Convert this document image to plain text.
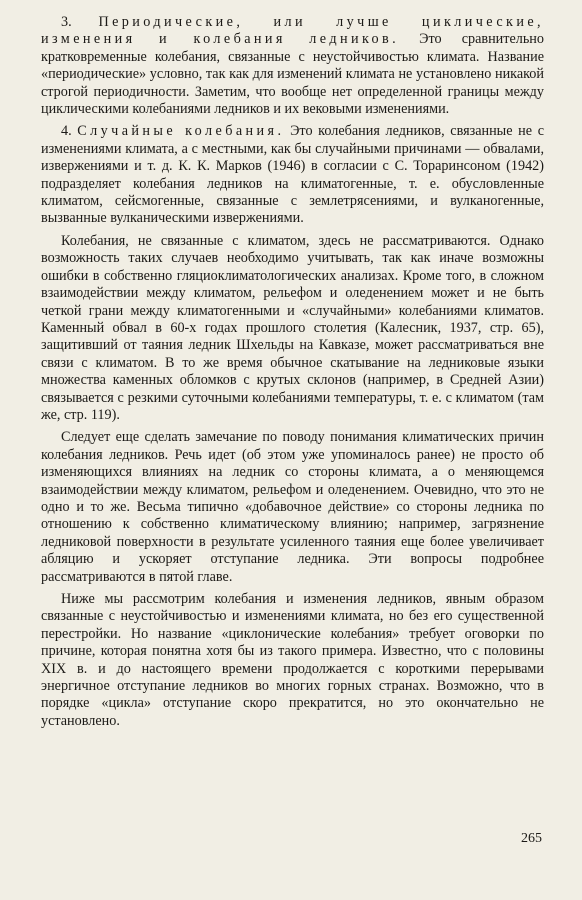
3. Периодические, или лучше циклические, изменения и колебания ледников. Это сравнительно кратковременные колебания, связанные с неустойчивостью климата. Название «периодические» условно, так как для изменений климата не установлено никакой строгой периодичности. Заметим, что вообще нет определенной границы между циклическими колебаниями ледников и их вековыми изменениями.

4. Случайные колебания. Это колебания ледников, связанные не с изменениями климата, а с местными, как бы случайными причинами — обвалами, извержениями и т. д. К. К. Марков (1946) в согласии с С. Тораринсоном (1942) подразделяет колебания ледников на климатогенные, т. е. обусловленные климатом, сейсмогенные, связанные с землетрясениями, и вулканогенные, вызванные вулканическими извержениями.

Колебания, не связанные с климатом, здесь не рассматриваются. Однако возможность таких случаев необходимо учитывать, так как иначе возможны ошибки в собственно гляциоклиматологических анализах. Кроме того, в сложном взаимодействии между климатом, рельефом и оледенением может и не быть четкой грани между климатогенными и «случайными» колебаниями климатов. Каменный обвал в 60-х годах прошлого столетия (Калесник, 1937, стр. 65), защитивший от таяния ледник Шхельды на Кавказе, может рассматриваться вне связи с климатом. В то же время обычное скатывание на ледниковые языки множества каменных обломков с крутых склонов (например, в Средней Азии) связывается с резкими суточными колебаниями температуры, т. е. с климатом (там же, стр. 119).

Следует еще сделать замечание по поводу понимания климатических причин колебания ледников. Речь идет (об этом уже упоминалось ранее) не просто об изменяющихся влияниях на ледник со стороны климата, а о меняющемся взаимодействии между климатом, рельефом и оледенением. Очевидно, что это не одно и то же. Весьма типично «добавочное действие» со стороны ледника по отношению к собственно климатическому влиянию; например, загрязнение ледниковой поверхности в результате усиленного таяния еще более увеличивает абляцию и ускоряет отступание ледника. Эти вопросы подробнее рассматриваются в пятой главе.

Ниже мы рассмотрим колебания и изменения ледников, явным образом связанные с неустойчивостью и изменениями климата, но без его существенной перестройки. Но название «циклонические колебания» требует оговорки по причине, которая понятна хотя бы из такого примера. Известно, что с половины XIX в. и до настоящего времени продолжается с короткими перерывами энергичное отступание ледников во многих горных странах. Возможно, что в порядке «цикла» отступание скоро прекратится, но это окончательно не установлено.

265
